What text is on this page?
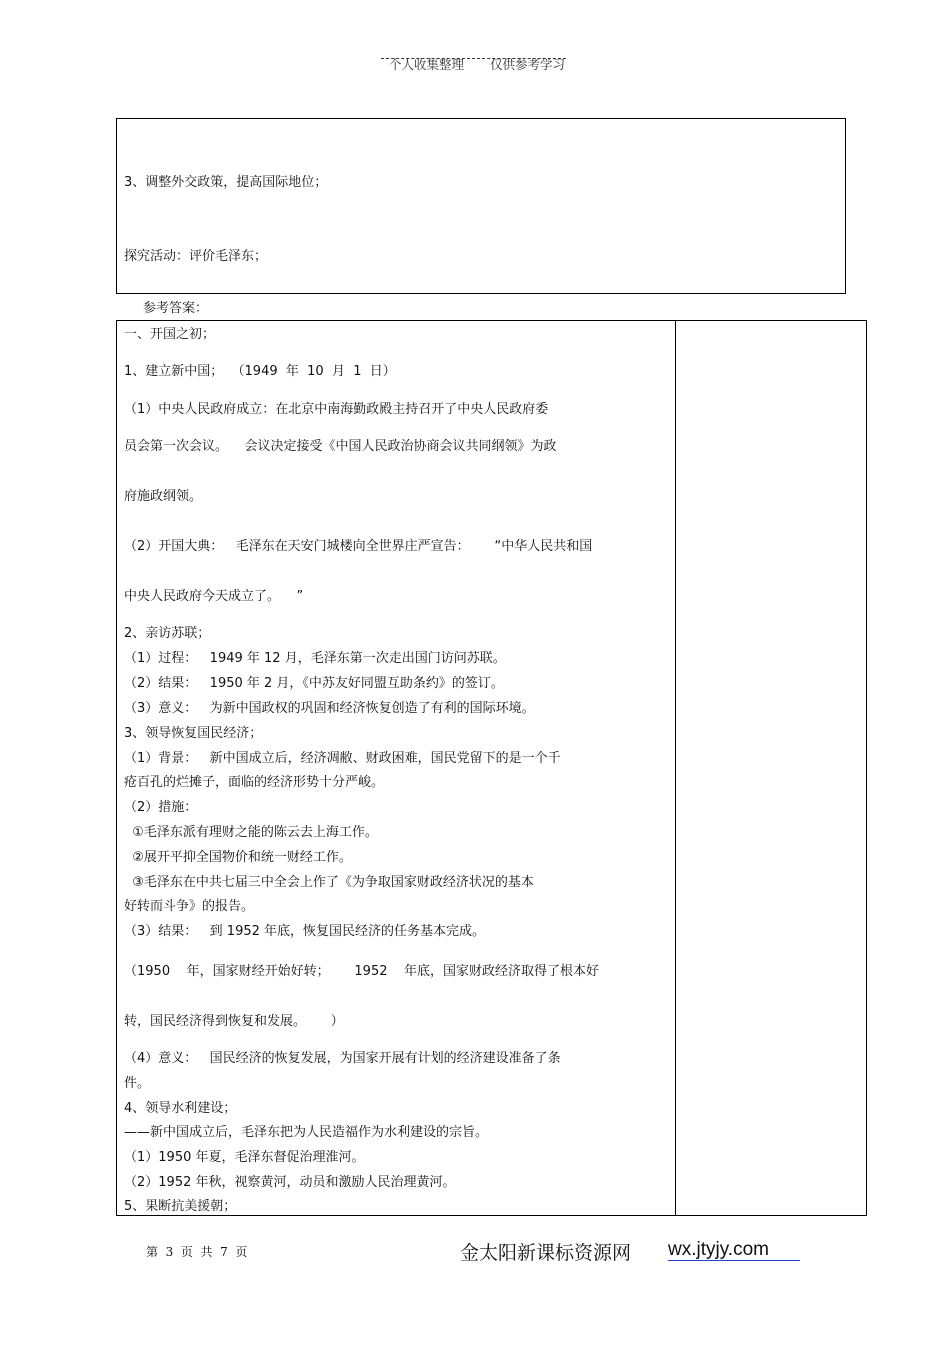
个人收集整理 仅供参考学习

3、调整外交政策，提高国际地位；
探究活动：评价毛泽东；
参考答案：
一、开国之初；
1、建立新中国；  （1949  年  10  月  1  日）
（1）中央人民政府成立：在北京中南海勤政殿主持召开了中央人民政府委
员会第一次会议。    会议决定接受《中国人民政治协商会议共同纲领》为政
府施政纲领。
（2）开国大典：   毛泽东在天安门城楼向全世界庄严宣告：      “中华人民共和国
中央人民政府今天成立了。    ”
2、亲访苏联；
（1）过程：   1949 年 12 月，毛泽东第一次走出国门访问苏联。
（2）结果：   1950 年 2 月，《中苏友好同盟互助条约》的签订。
（3）意义：   为新中国政权的巩固和经济恢复创造了有利的国际环境。
3、领导恢复国民经济；
（1）背景：   新中国成立后，经济凋敝、财政困难，国民党留下的是一个千
疮百孔的烂摊子，面临的经济形势十分严峻。
（2）措施：
①毛泽东派有理财之能的陈云去上海工作。
②展开平抑全国物价和统一财经工作。
③毛泽东在中共七届三中全会上作了《为争取国家财政经济状况的基本
好转而斗争》的报告。
（3）结果：   到 1952 年底，恢复国民经济的任务基本完成。
（1950    年，国家财经开始好转；      1952    年底，国家财政经济取得了根本好
转，国民经济得到恢复和发展。      ）
（4）意义：   国民经济的恢复发展，为国家开展有计划的经济建设准备了条
件。
4、领导水利建设；
——新中国成立后，毛泽东把为人民造福作为水利建设的宗旨。
（1）1950 年夏，毛泽东督促治理淮河。
（2）1952 年秋，视察黄河，动员和激励人民治理黄河。
5、果断抗美援朝；
第  3  页  共  7  页	金太阳新课标资源网 wx.jtyjy.com
